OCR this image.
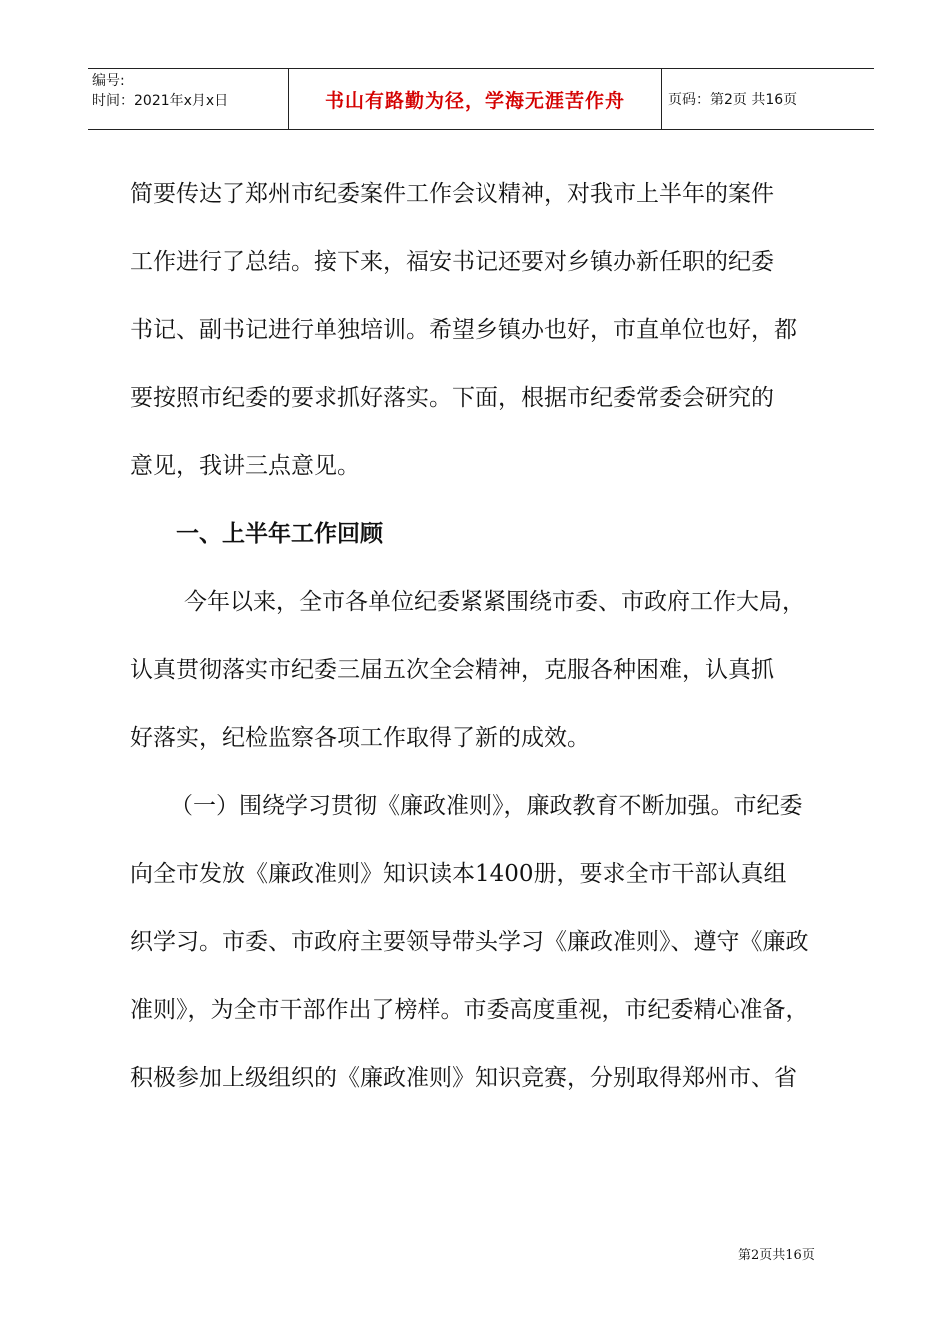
编号:
时间：2021年x月x日	书山有路勤为径，学海无涯苦作舟	页码：第2页 共16页
简要传达了郑州市纪委案件工作会议精神，对我市上半年的案件
工作进行了总结。接下来，福安书记还要对乡镇办新任职的纪委
书记、副书记进行单独培训。希望乡镇办也好，市直单位也好，都
要按照市纪委的要求抓好落实。下面，根据市纪委常委会研究的
意见，我讲三点意见。
一、上半年工作回顾
今年以来，全市各单位纪委紧紧围绕市委、市政府工作大局，
认真贯彻落实市纪委三届五次全会精神，克服各种困难，认真抓
好落实，纪检监察各项工作取得了新的成效。
（一）围绕学习贯彻《廉政准则》，廉政教育不断加强。市纪委
向全市发放《廉政准则》知识读本1400册，要求全市干部认真组
织学习。市委、市政府主要领导带头学习《廉政准则》、遵守《廉政
准则》，为全市干部作出了榜样。市委高度重视，市纪委精心准备，
积极参加上级组织的《廉政准则》知识竞赛，分别取得郑州市、省
第2页共16页
